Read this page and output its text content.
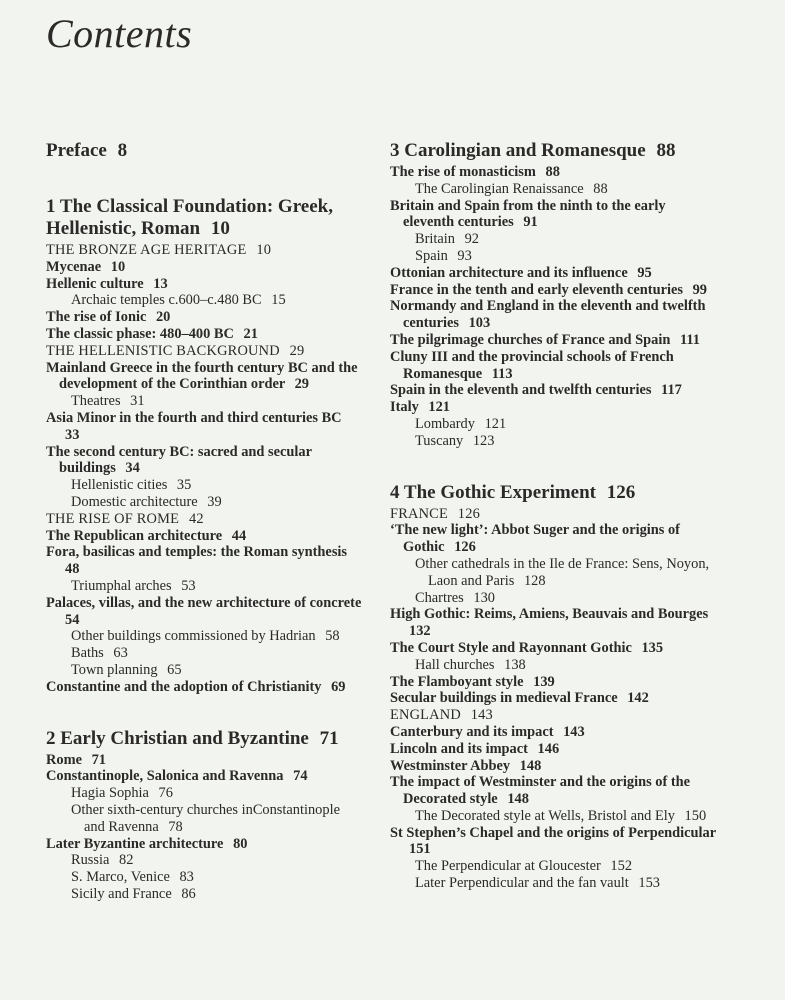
Contents
Preface 8
1 The Classical Foundation: Greek, Hellenistic, Roman 10
THE BRONZE AGE HERITAGE 10
Mycenae 10
Hellenic culture 13
Archaic temples c.600–c.480 BC 15
The rise of Ionic 20
The classic phase: 480–400 BC 21
THE HELLENISTIC BACKGROUND 29
Mainland Greece in the fourth century BC and the development of the Corinthian order 29
Theatres 31
Asia Minor in the fourth and third centuries BC 33
The second century BC: sacred and secular buildings 34
Hellenistic cities 35
Domestic architecture 39
THE RISE OF ROME 42
The Republican architecture 44
Fora, basilicas and temples: the Roman synthesis 48
Triumphal arches 53
Palaces, villas, and the new architecture of concrete 54
Other buildings commissioned by Hadrian 58
Baths 63
Town planning 65
Constantine and the adoption of Christianity 69
2 Early Christian and Byzantine 71
Rome 71
Constantinople, Salonica and Ravenna 74
Hagia Sophia 76
Other sixth-century churches inConstantinople and Ravenna 78
Later Byzantine architecture 80
Russia 82
S. Marco, Venice 83
Sicily and France 86
3 Carolingian and Romanesque 88
The rise of monasticism 88
The Carolingian Renaissance 88
Britain and Spain from the ninth to the early eleventh centuries 91
Britain 92
Spain 93
Ottonian architecture and its influence 95
France in the tenth and early eleventh centuries 99
Normandy and England in the eleventh and twelfth centuries 103
The pilgrimage churches of France and Spain 111
Cluny III and the provincial schools of French Romanesque 113
Spain in the eleventh and twelfth centuries 117
Italy 121
Lombardy 121
Tuscany 123
4 The Gothic Experiment 126
FRANCE 126
‘The new light’: Abbot Suger and the origins of Gothic 126
Other cathedrals in the Ile de France: Sens, Noyon, Laon and Paris 128
Chartres 130
High Gothic: Reims, Amiens, Beauvais and Bourges 132
The Court Style and Rayonnant Gothic 135
Hall churches 138
The Flamboyant style 139
Secular buildings in medieval France 142
ENGLAND 143
Canterbury and its impact 143
Lincoln and its impact 146
Westminster Abbey 148
The impact of Westminster and the origins of the Decorated style 148
The Decorated style at Wells, Bristol and Ely 150
St Stephen’s Chapel and the origins of Perpendicular 151
The Perpendicular at Gloucester 152
Later Perpendicular and the fan vault 153
